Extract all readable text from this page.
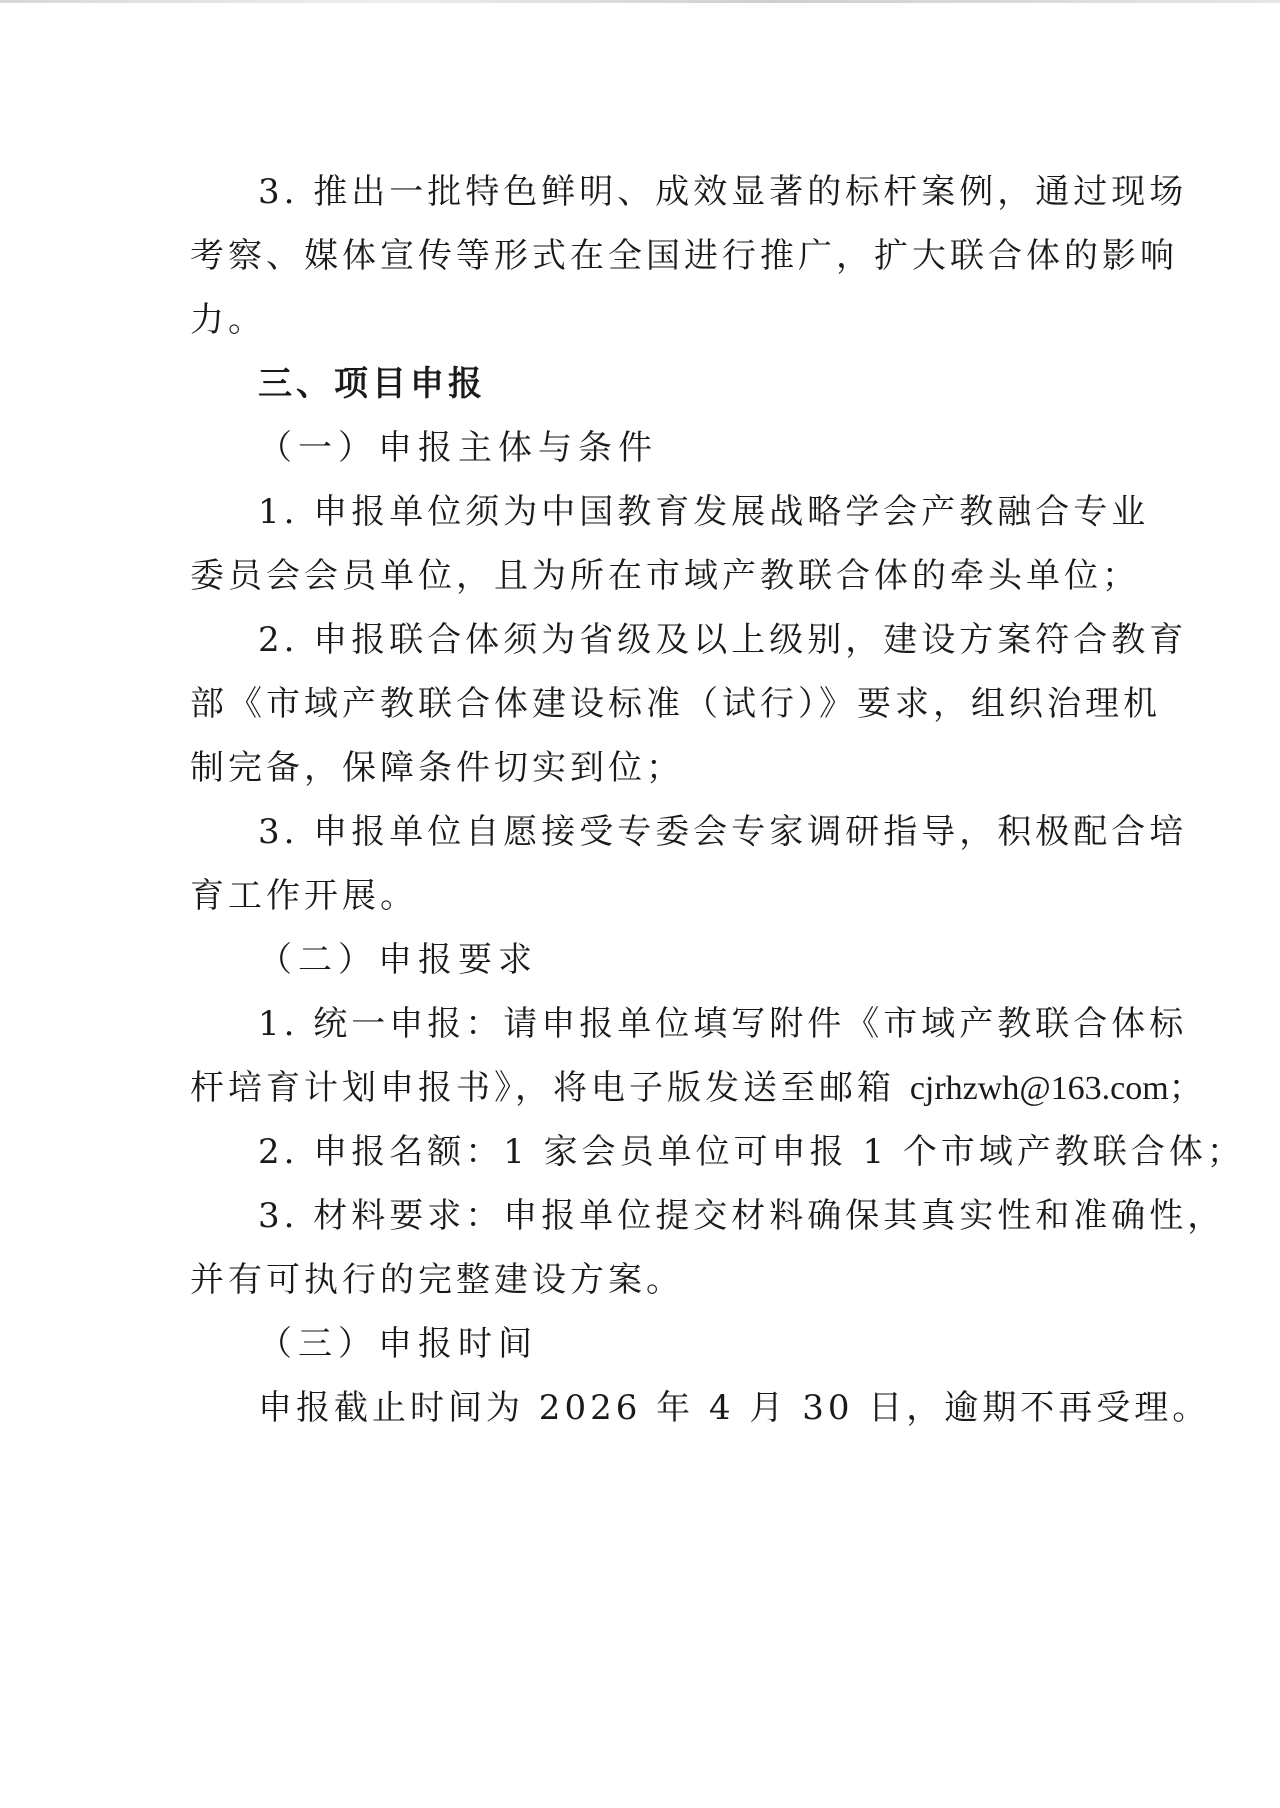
3. 推出一批特色鲜明、成效显著的标杆案例，通过现场
考察、媒体宣传等形式在全国进行推广，扩大联合体的影响
力。
三、项目申报
（一）申报主体与条件
1. 申报单位须为中国教育发展战略学会产教融合专业
委员会会员单位，且为所在市域产教联合体的牵头单位；
2. 申报联合体须为省级及以上级别，建设方案符合教育
部《市域产教联合体建设标准（试行）》要求，组织治理机
制完备，保障条件切实到位；
3. 申报单位自愿接受专委会专家调研指导，积极配合培
育工作开展。
（二）申报要求
1. 统一申报：请申报单位填写附件《市域产教联合体标
杆培育计划申报书》，将电子版发送至邮箱 cjrhzwh@163.com；
2. 申报名额：1 家会员单位可申报 1 个市域产教联合体；
3. 材料要求：申报单位提交材料确保其真实性和准确性，
并有可执行的完整建设方案。
（三）申报时间
申报截止时间为 2026 年 4 月 30 日，逾期不再受理。
